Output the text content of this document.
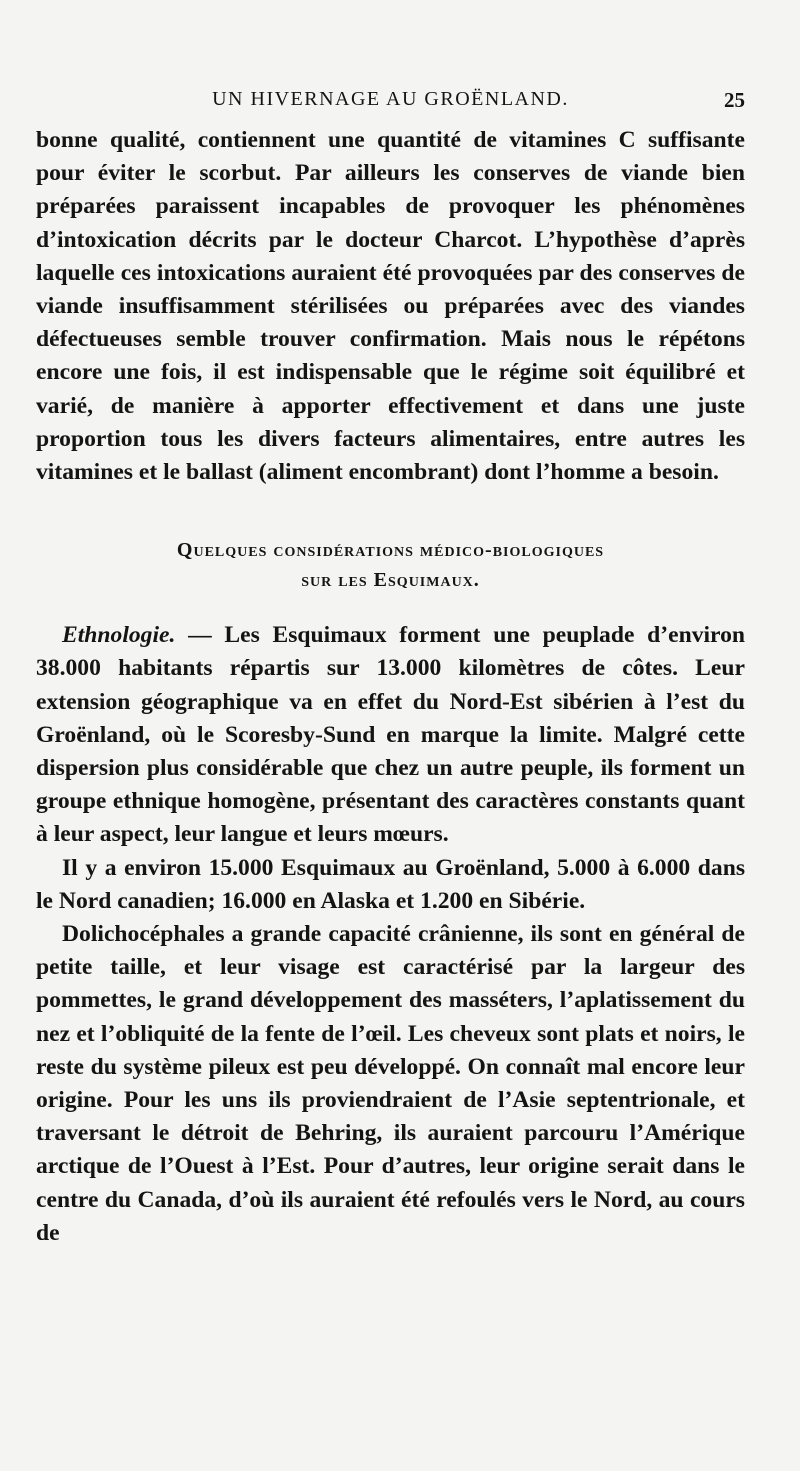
UN HIVERNAGE AU GROËNLAND.	25

bonne qualité, contiennent une quantité de vitamines C suffisante pour éviter le scorbut. Par ailleurs les conserves de viande bien préparées paraissent incapables de provoquer les phénomènes d’intoxication décrits par le docteur Charcot. L’hypothèse d’après laquelle ces intoxications auraient été provoquées par des conserves de viande insuffisamment stérilisées ou préparées avec des viandes défectueuses semble trouver confirmation. Mais nous le répétons encore une fois, il est indispensable que le régime soit équilibré et varié, de manière à apporter effectivement et dans une juste proportion tous les divers facteurs alimentaires, entre autres les vitamines et le ballast (aliment encombrant) dont l’homme a besoin.

Quelques considérations médico-biologiques
sur les Esquimaux.

Ethnologie. — Les Esquimaux forment une peuplade d’environ 38.000 habitants répartis sur 13.000 kilomètres de côtes. Leur extension géographique va en effet du Nord-Est sibérien à l’est du Groënland, où le Scoresby-Sund en marque la limite. Malgré cette dispersion plus considérable que chez un autre peuple, ils forment un groupe ethnique homogène, présentant des caractères constants quant à leur aspect, leur langue et leurs mœurs.

Il y a environ 15.000 Esquimaux au Groënland, 5.000 à 6.000 dans le Nord canadien; 16.000 en Alaska et 1.200 en Sibérie.

Dolichocéphales a grande capacité crânienne, ils sont en général de petite taille, et leur visage est caractérisé par la largeur des pommettes, le grand développement des masséters, l’aplatissement du nez et l’obliquité de la fente de l’œil. Les cheveux sont plats et noirs, le reste du système pileux est peu développé. On connaît mal encore leur origine. Pour les uns ils proviendraient de l’Asie septentrionale, et traversant le détroit de Behring, ils auraient parcouru l’Amérique arctique de l’Ouest à l’Est. Pour d’autres, leur origine serait dans le centre du Canada, d’où ils auraient été refoulés vers le Nord, au cours de
